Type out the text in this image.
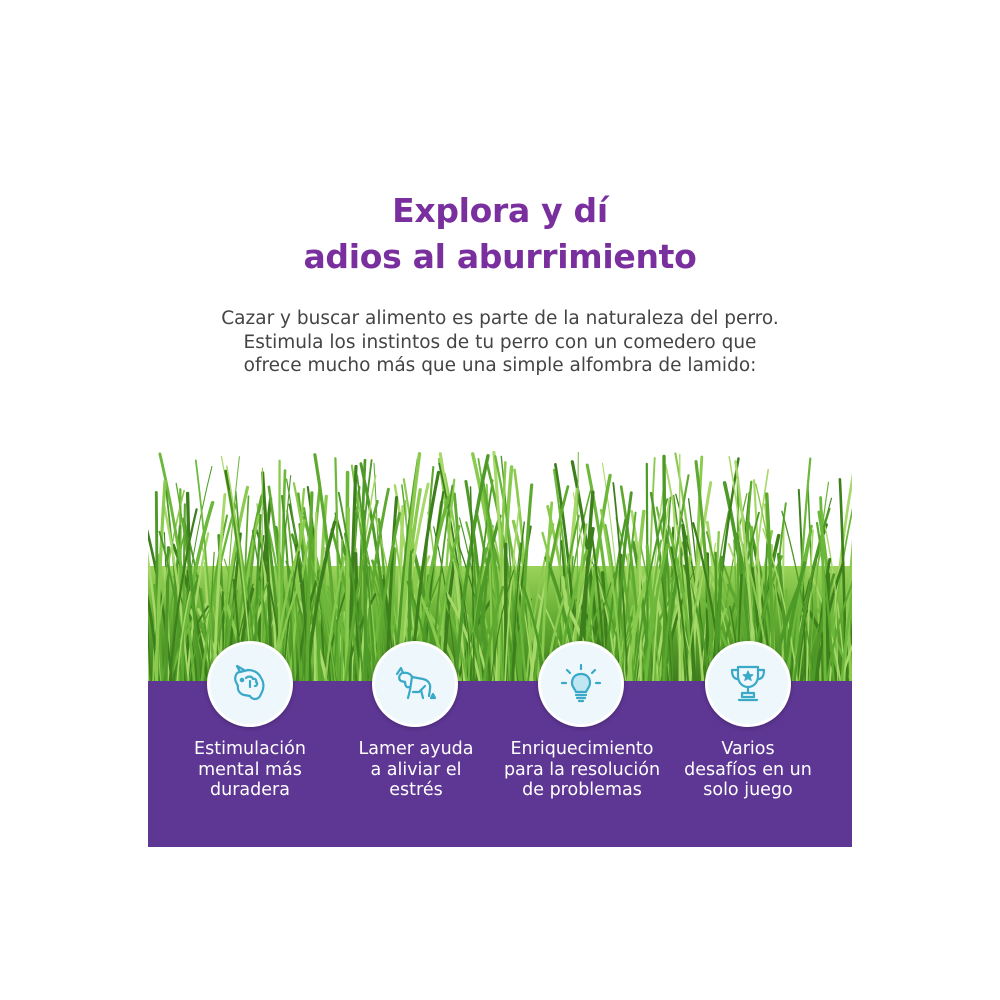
Explora y dí
adios al aburrimiento

Cazar y buscar alimento es parte de la naturaleza del perro. Estimula los instintos de tu perro con un comedero que ofrece mucho más que una simple alfombra de lamido:

Estimulación
mental más
duradera
Lamer ayuda
a aliviar el
estrés
Enriquecimiento
para la resolución
de problemas
Varios
desafíos en un
solo juego
